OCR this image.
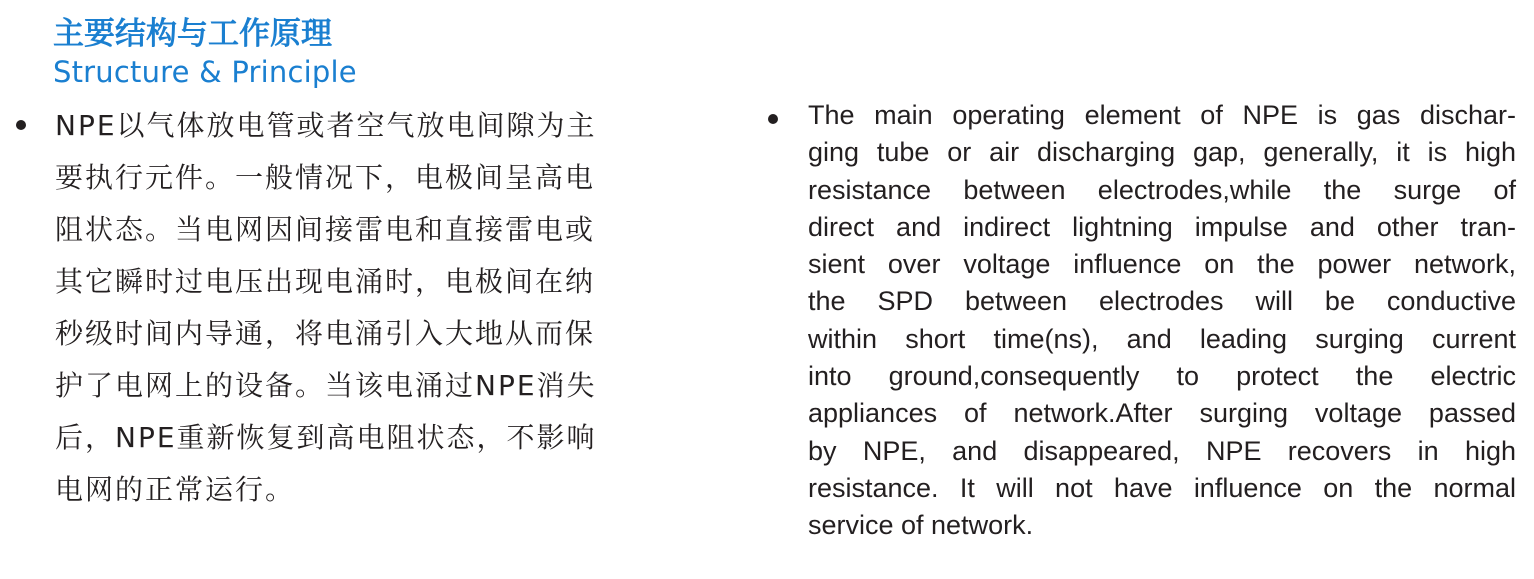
主要结构与工作原理
Structure & Principle
NPE以气体放电管或者空气放电间隙为主
要执行元件。一般情况下，电极间呈高电
阻状态。当电网因间接雷电和直接雷电或
其它瞬时过电压出现电涌时，电极间在纳
秒级时间内导通，将电涌引入大地从而保
护了电网上的设备。当该电涌过NPE消失
后，NPE重新恢复到高电阻状态，不影响
电网的正常运行。
The main operating element of NPE is gas dischar-
ging tube or air discharging gap, generally, it is high
resistance between electrodes,while the surge of
direct and indirect lightning impulse and other tran-
sient over voltage influence on the power network,
the SPD between electrodes will be conductive
within short time(ns), and leading surging current
into ground,consequently to protect the electric
appliances of network.After surging voltage passed
by NPE, and disappeared, NPE recovers in high
resistance. It will not have influence on the normal
service of network.
